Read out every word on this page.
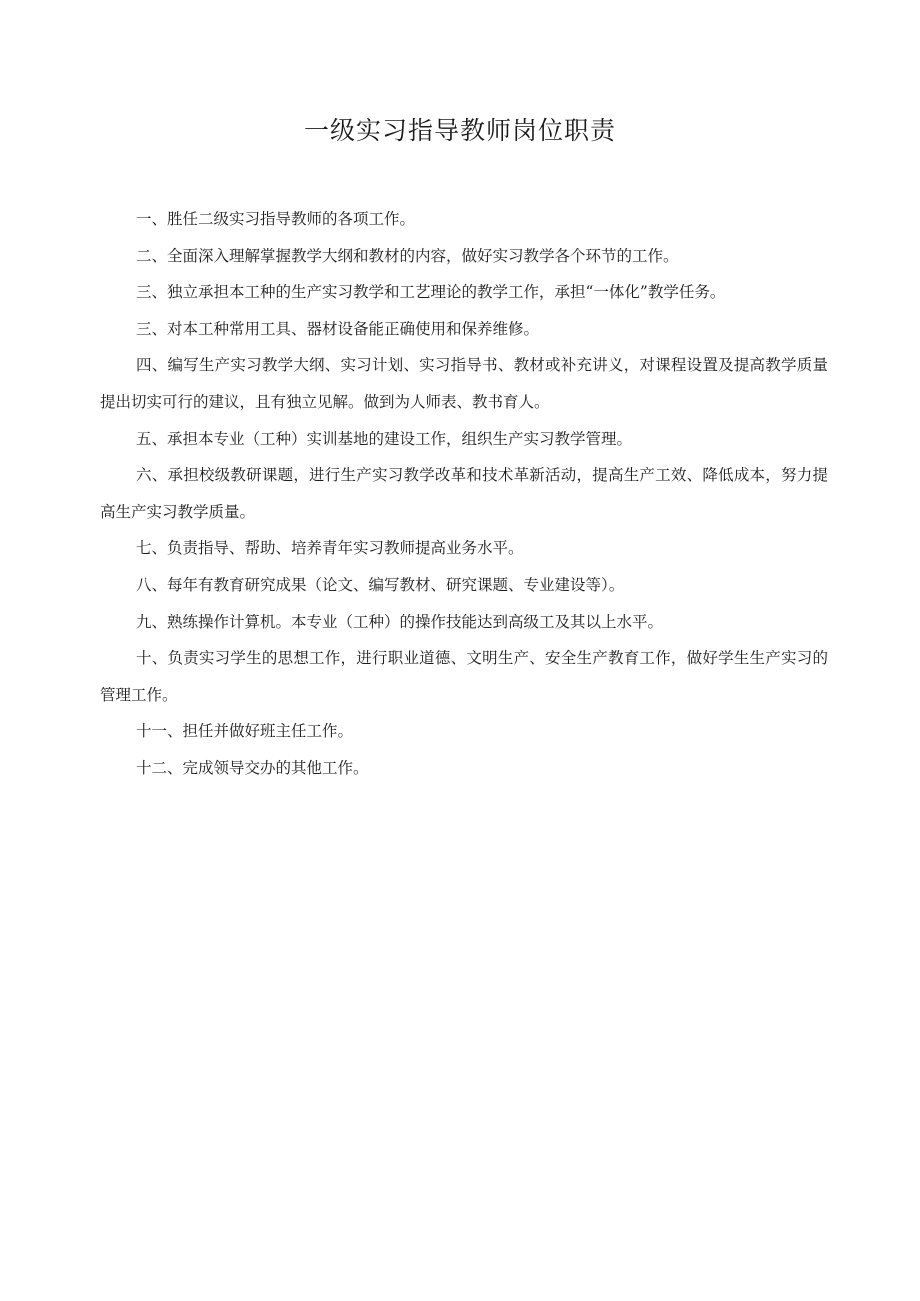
一级实习指导教师岗位职责

一、胜任二级实习指导教师的各项工作。

二、全面深入理解掌握教学大纲和教材的内容，做好实习教学各个环节的工作。

三、独立承担本工种的生产实习教学和工艺理论的教学工作，承担“一体化”教学任务。

三、对本工种常用工具、器材设备能正确使用和保养维修。

四、编写生产实习教学大纲、实习计划、实习指导书、教材或补充讲义，对课程设置及提高教学质量提出切实可行的建议，且有独立见解。做到为人师表、教书育人。

五、承担本专业（工种）实训基地的建设工作，组织生产实习教学管理。

六、承担校级教研课题，进行生产实习教学改革和技术革新活动，提高生产工效、降低成本，努力提高生产实习教学质量。

七、负责指导、帮助、培养青年实习教师提高业务水平。

八、每年有教育研究成果（论文、编写教材、研究课题、专业建设等）。

九、熟练操作计算机。本专业（工种）的操作技能达到高级工及其以上水平。

十、负责实习学生的思想工作，进行职业道德、文明生产、安全生产教育工作，做好学生生产实习的管理工作。

十一、担任并做好班主任工作。

十二、完成领导交办的其他工作。
